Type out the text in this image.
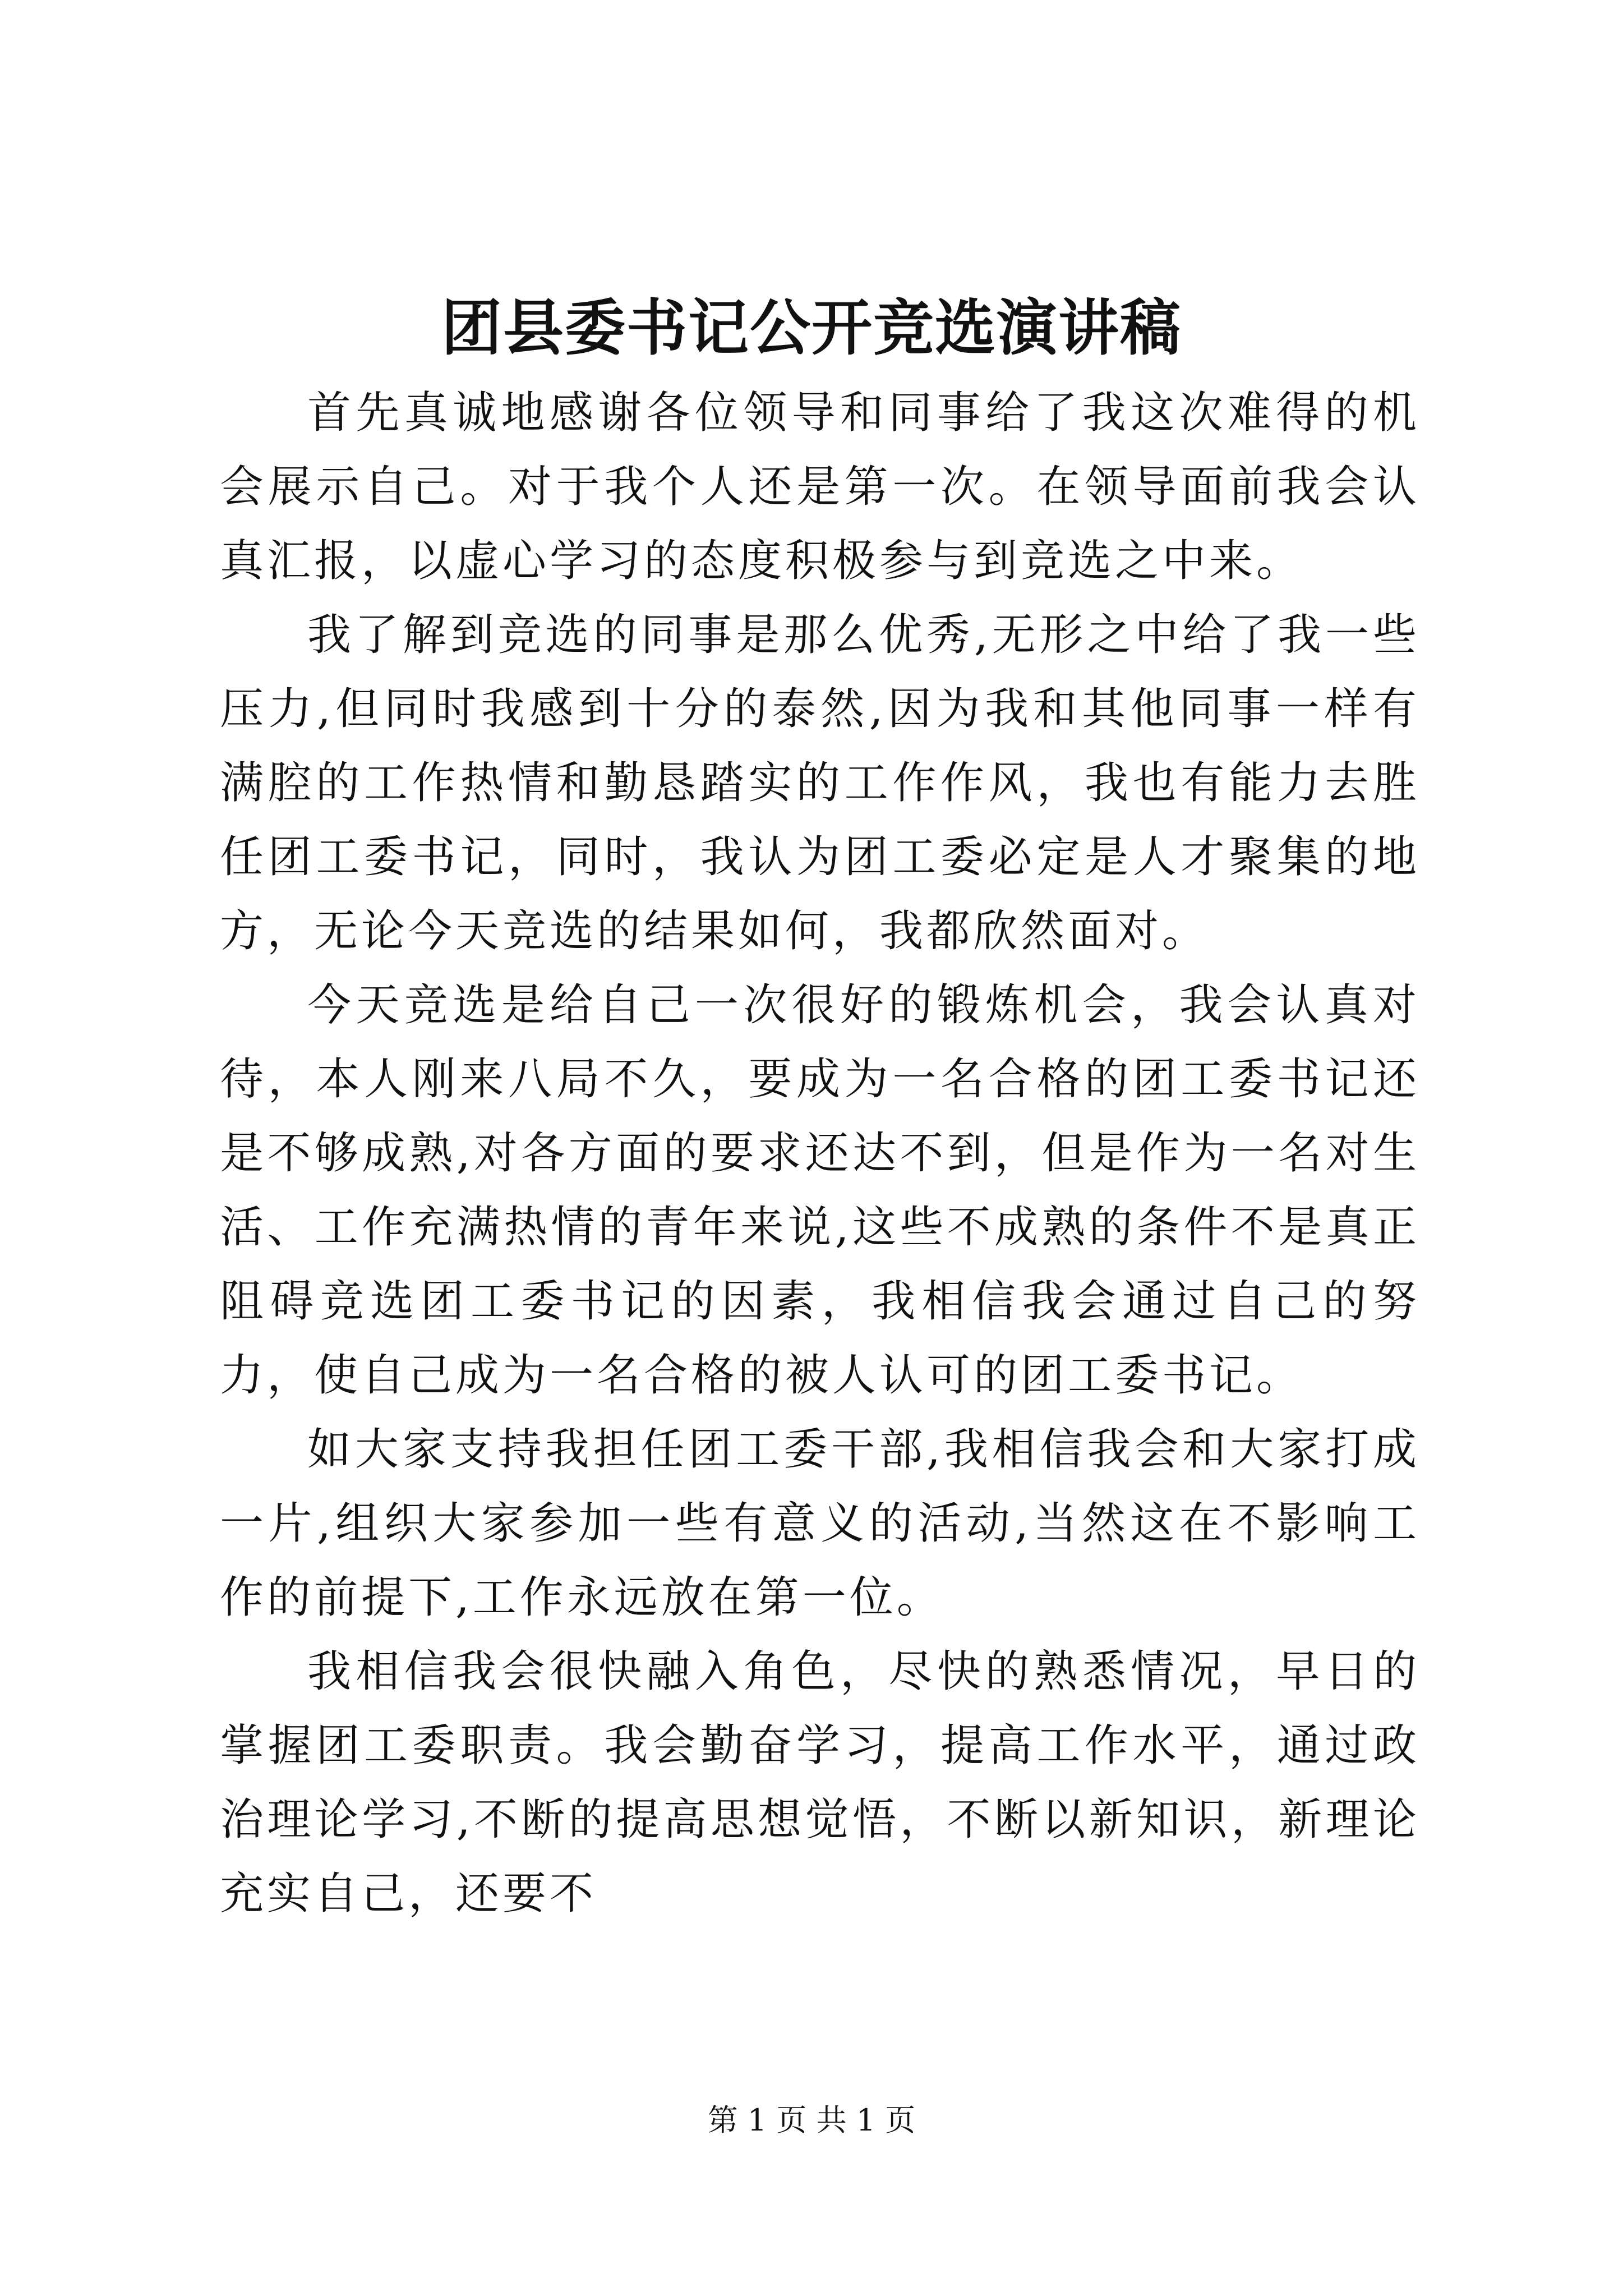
团县委书记公开竞选演讲稿

首先真诚地感谢各位领导和同事给了我这次难得的机会展示自己。对于我个人还是第一次。在领导面前我会认真汇报，以虚心学习的态度积极参与到竞选之中来。

我了解到竞选的同事是那么优秀,无形之中给了我一些压力,但同时我感到十分的泰然,因为我和其他同事一样有满腔的工作热情和勤恳踏实的工作作风，我也有能力去胜任团工委书记，同时，我认为团工委必定是人才聚集的地方，无论今天竞选的结果如何，我都欣然面对。

今天竞选是给自己一次很好的锻炼机会，我会认真对待，本人刚来八局不久，要成为一名合格的团工委书记还是不够成熟,对各方面的要求还达不到，但是作为一名对生活、工作充满热情的青年来说,这些不成熟的条件不是真正阻碍竞选团工委书记的因素，我相信我会通过自己的努力，使自己成为一名合格的被人认可的团工委书记。

如大家支持我担任团工委干部,我相信我会和大家打成一片,组织大家参加一些有意义的活动,当然这在不影响工作的前提下,工作永远放在第一位。

我相信我会很快融入角色，尽快的熟悉情况，早日的掌握团工委职责。我会勤奋学习，提高工作水平，通过政治理论学习,不断的提高思想觉悟，不断以新知识，新理论充实自己，还要不

第 1 页 共 1 页
